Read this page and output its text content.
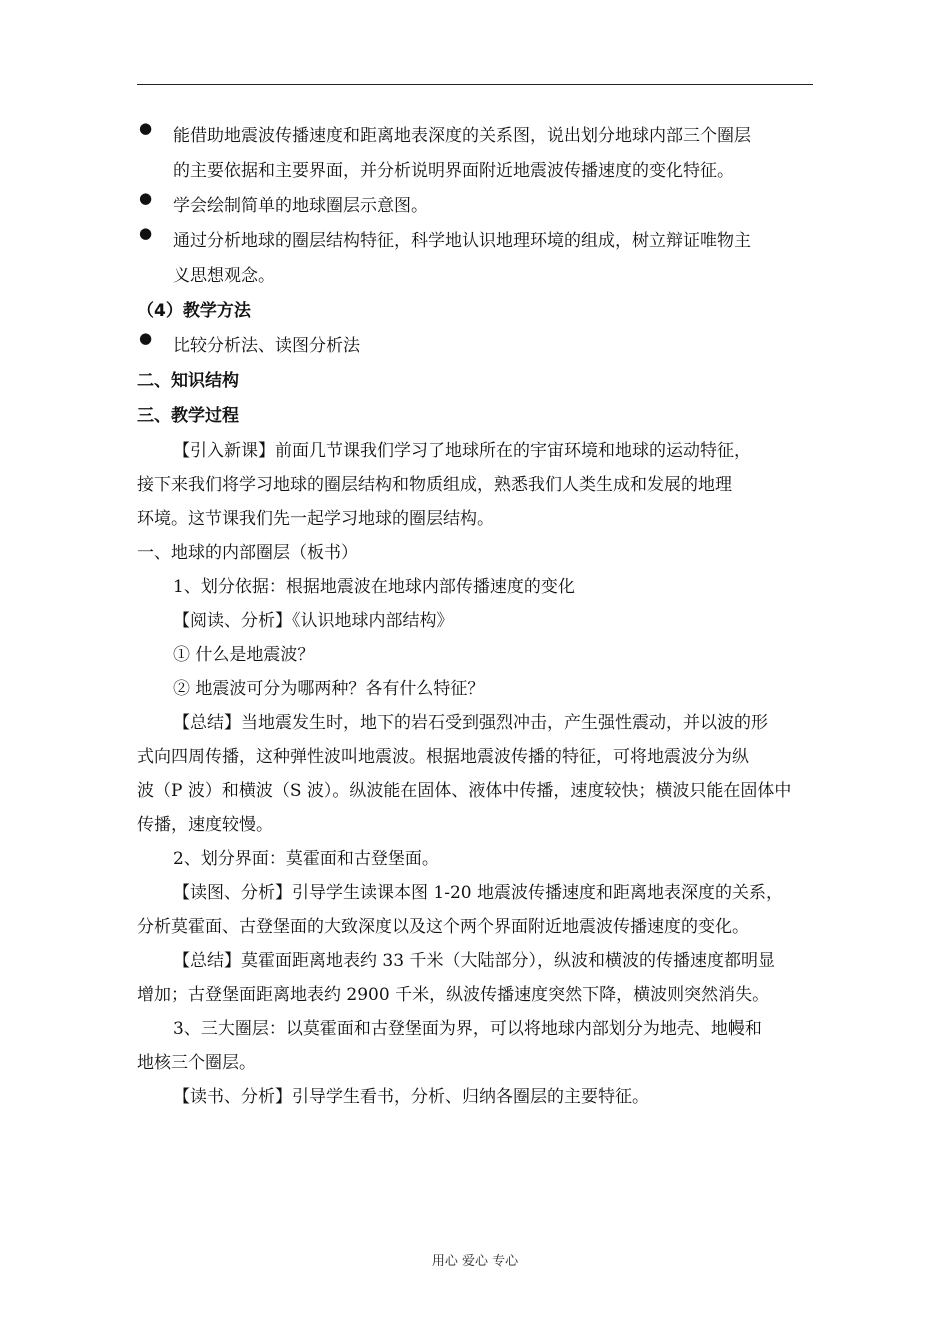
●	能借助地震波传播速度和距离地表深度的关系图，说出划分地球内部三个圈层
的主要依据和主要界面，并分析说明界面附近地震波传播速度的变化特征。
●	学会绘制简单的地球圈层示意图。
●	通过分析地球的圈层结构特征，科学地认识地理环境的组成，树立辩证唯物主
义思想观念。
（4）教学方法
●	比较分析法、读图分析法
二、知识结构
三、教学过程
【引入新课】前面几节课我们学习了地球所在的宇宙环境和地球的运动特征，
接下来我们将学习地球的圈层结构和物质组成，熟悉我们人类生成和发展的地理
环境。这节课我们先一起学习地球的圈层结构。
一、地球的内部圈层（板书）
1、划分依据：根据地震波在地球内部传播速度的变化
【阅读、分析】《认识地球内部结构》
① 什么是地震波？
② 地震波可分为哪两种？各有什么特征？
【总结】当地震发生时，地下的岩石受到强烈冲击，产生强性震动，并以波的形
式向四周传播，这种弹性波叫地震波。根据地震波传播的特征，可将地震波分为纵
波（P 波）和横波（S 波）。纵波能在固体、液体中传播，速度较快；横波只能在固体中
传播，速度较慢。
2、划分界面：莫霍面和古登堡面。
【读图、分析】引导学生读课本图 1-20 地震波传播速度和距离地表深度的关系，
分析莫霍面、古登堡面的大致深度以及这个两个界面附近地震波传播速度的变化。
【总结】莫霍面距离地表约 33 千米（大陆部分），纵波和横波的传播速度都明显
增加；古登堡面距离地表约 2900 千米，纵波传播速度突然下降，横波则突然消失。
3、三大圈层：以莫霍面和古登堡面为界，可以将地球内部划分为地壳、地幔和
地核三个圈层。
【读书、分析】引导学生看书，分析、归纳各圈层的主要特征。
用心 爱心 专心
